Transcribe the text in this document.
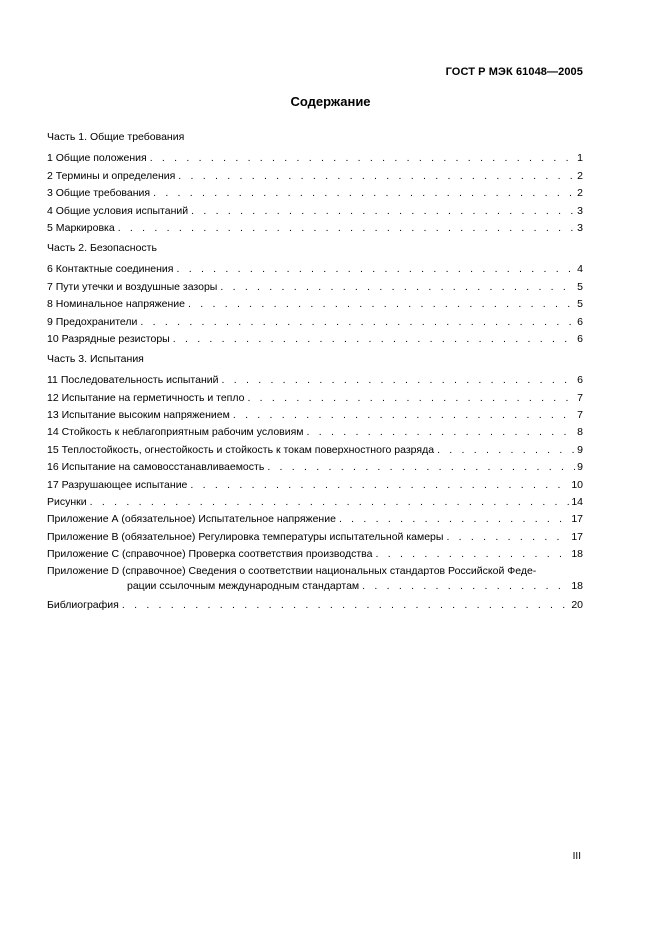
ГОСТ Р МЭК 61048—2005
Содержание
Часть 1. Общие требования
1 Общие положения . . .	1
2 Термины и определения . . .	2
3 Общие требования . . .	2
4 Общие условия испытаний . . .	3
5 Маркировка . . .	3
Часть 2. Безопасность
6 Контактные соединения . . .	4
7 Пути утечки и воздушные зазоры . . .	5
8 Номинальное напряжение . . .	5
9 Предохранители . . .	6
10 Разрядные резисторы . . .	6
Часть 3. Испытания
11 Последовательность испытаний . . .	6
12 Испытание на герметичность и тепло . . .	7
13 Испытание высоким напряжением . . .	7
14 Стойкость к неблагоприятным рабочим условиям . . .	8
15 Теплостойкость, огнестойкость и стойкость к токам поверхностного разряда . . .	9
16 Испытание на самовосстанавливаемость . . .	9
17 Разрушающее испытание . . .	10
Рисунки . . .	14
Приложение А (обязательное) Испытательное напряжение . . .	17
Приложение В (обязательное) Регулировка температуры испытательной камеры . . .	17
Приложение С (справочное) Проверка соответствия производства . . .	18
Приложение D (справочное) Сведения о соответствии национальных стандартов Российской Феде-
рации ссылочным международным стандартам . . .	18
Библиография . . .	20
III
